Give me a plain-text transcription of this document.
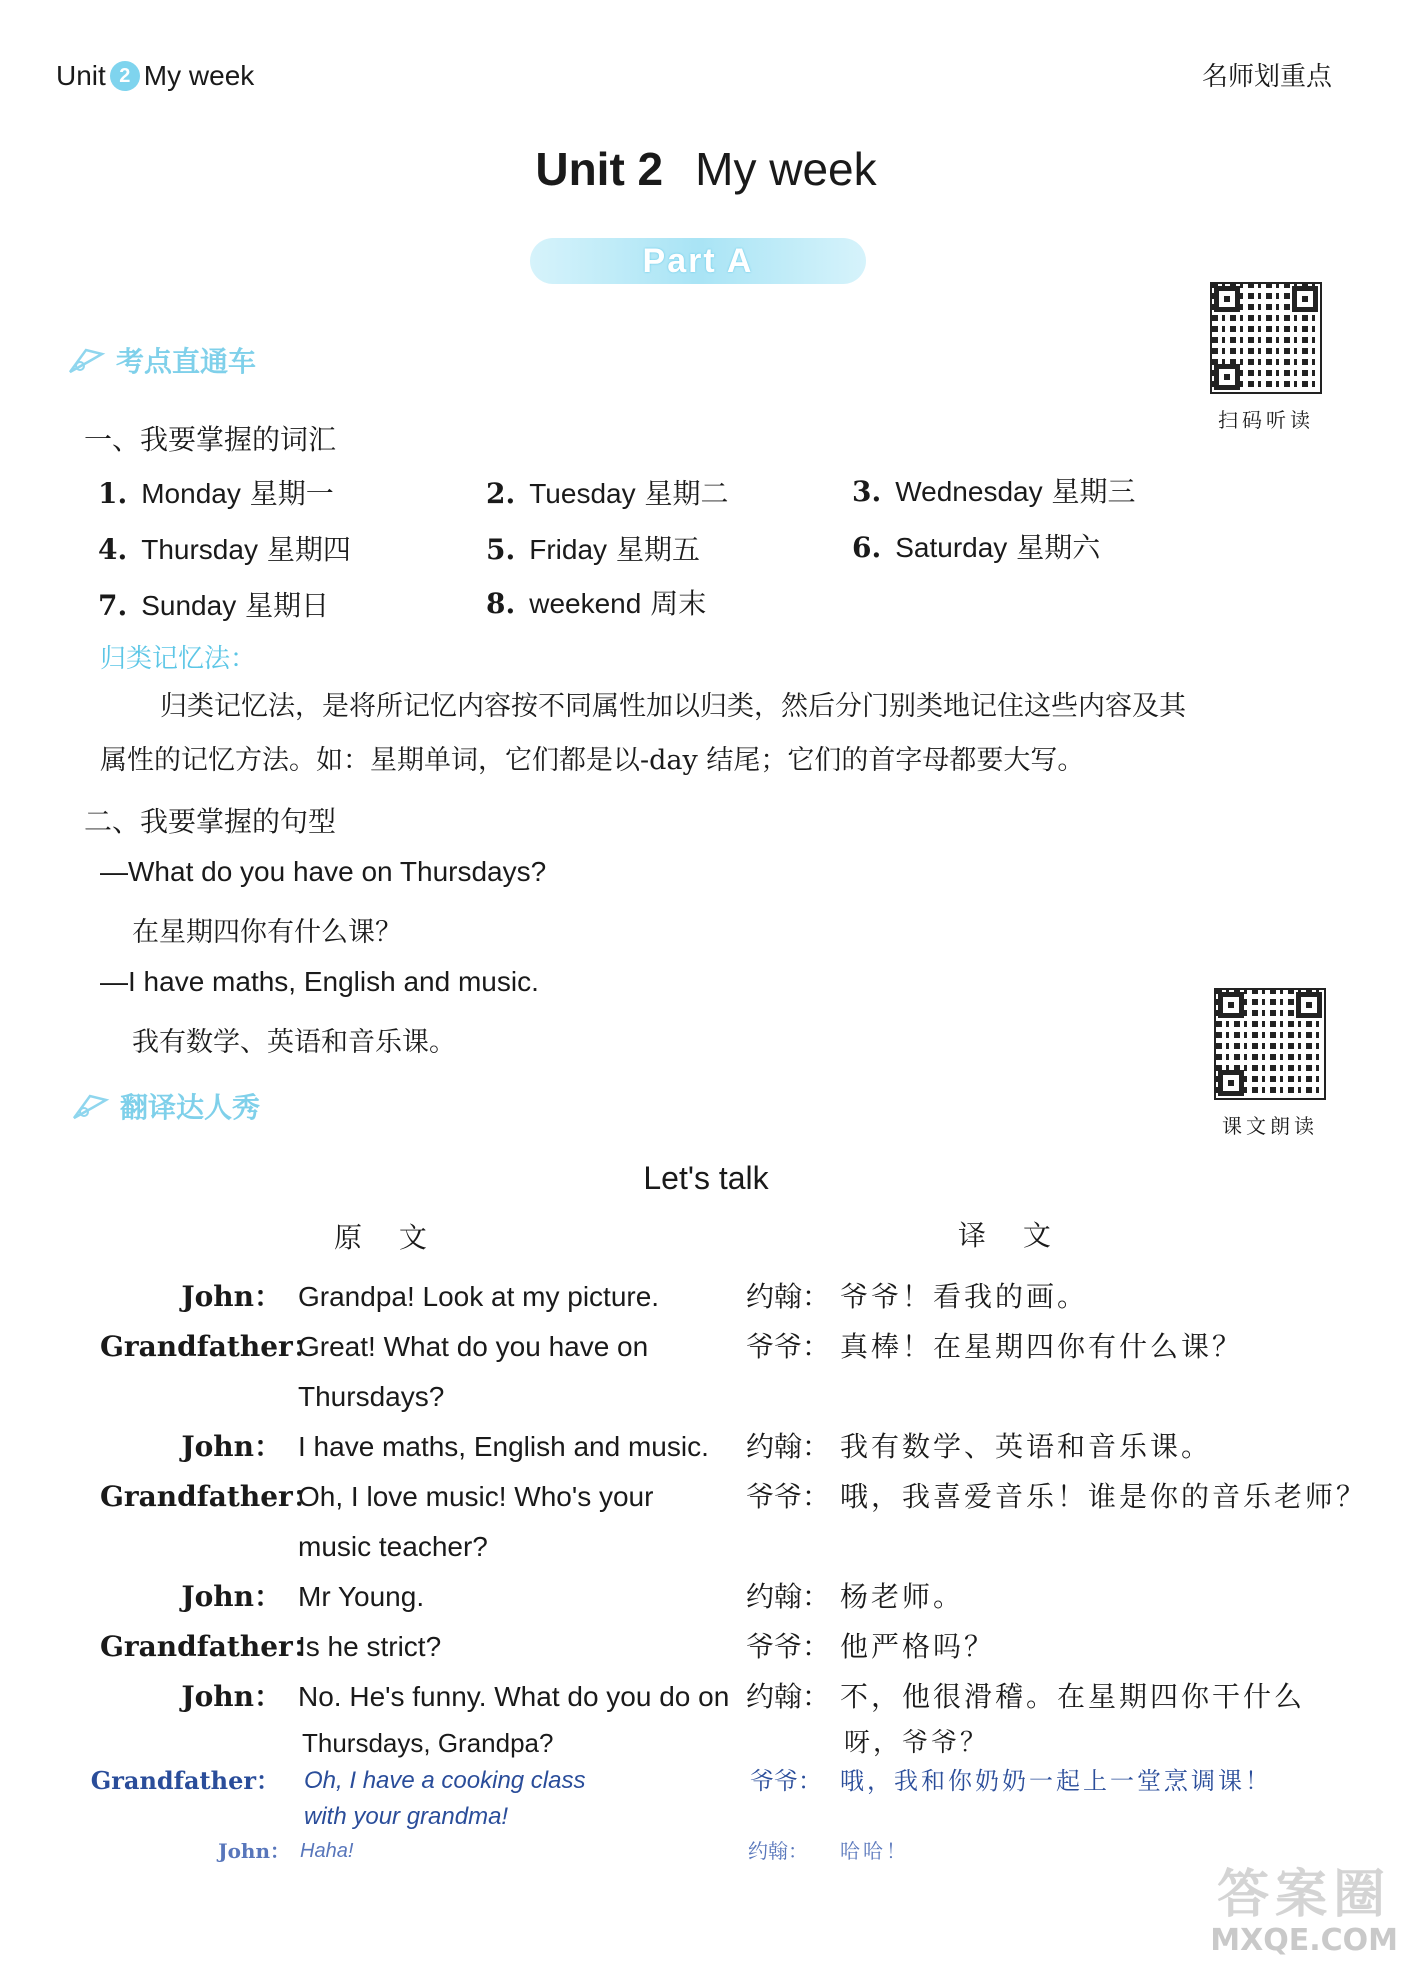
Unit 2 My week	名师划重点
Unit 2 My week
Part A
扫码听读
考点直通车
一、我要掌握的词汇
1. Monday 星期一	2. Tuesday 星期二	3. Wednesday 星期三
4. Thursday 星期四	5. Friday 星期五	6. Saturday 星期六
7. Sunday 星期日	8. weekend 周末
归类记忆法：
归类记忆法，是将所记忆内容按不同属性加以归类，然后分门别类地记住这些内容及其
属性的记忆方法。如：星期单词，它们都是以-day 结尾；它们的首字母都要大写。
二、我要掌握的句型
—What do you have on Thursdays?
在星期四你有什么课？
—I have maths, English and music.
我有数学、英语和音乐课。
课文朗读
翻译达人秀
Let's talk
原 文	译 文
John： Grandpa! Look at my picture.	约翰： 爷爷！看我的画。
Grandfather：
Great! What do you have on	爷爷： 真棒！在星期四你有什么课？
Thursdays?
John： I have maths, English and music. 约翰： 我有数学、英语和音乐课。
Grandfather：
Oh, I love music! Who's your	爷爷： 哦，我喜爱音乐！谁是你的音乐老师？
music teacher?
John： Mr Young.	约翰： 杨老师。
Grandfather：
Is he strict?	爷爷： 他严格吗？
John： No. He's funny. What do you do on 约翰： 不，他很滑稽。在星期四你干什么
Thursdays, Grandpa?	呀，爷爷？
Grandfather： Oh, I have a cooking class	爷爷： 哦，我和你奶奶一起上一堂烹调课！
with your grandma!
John： Haha!	约翰： 哈哈！
答案圈
MXQE.COM
